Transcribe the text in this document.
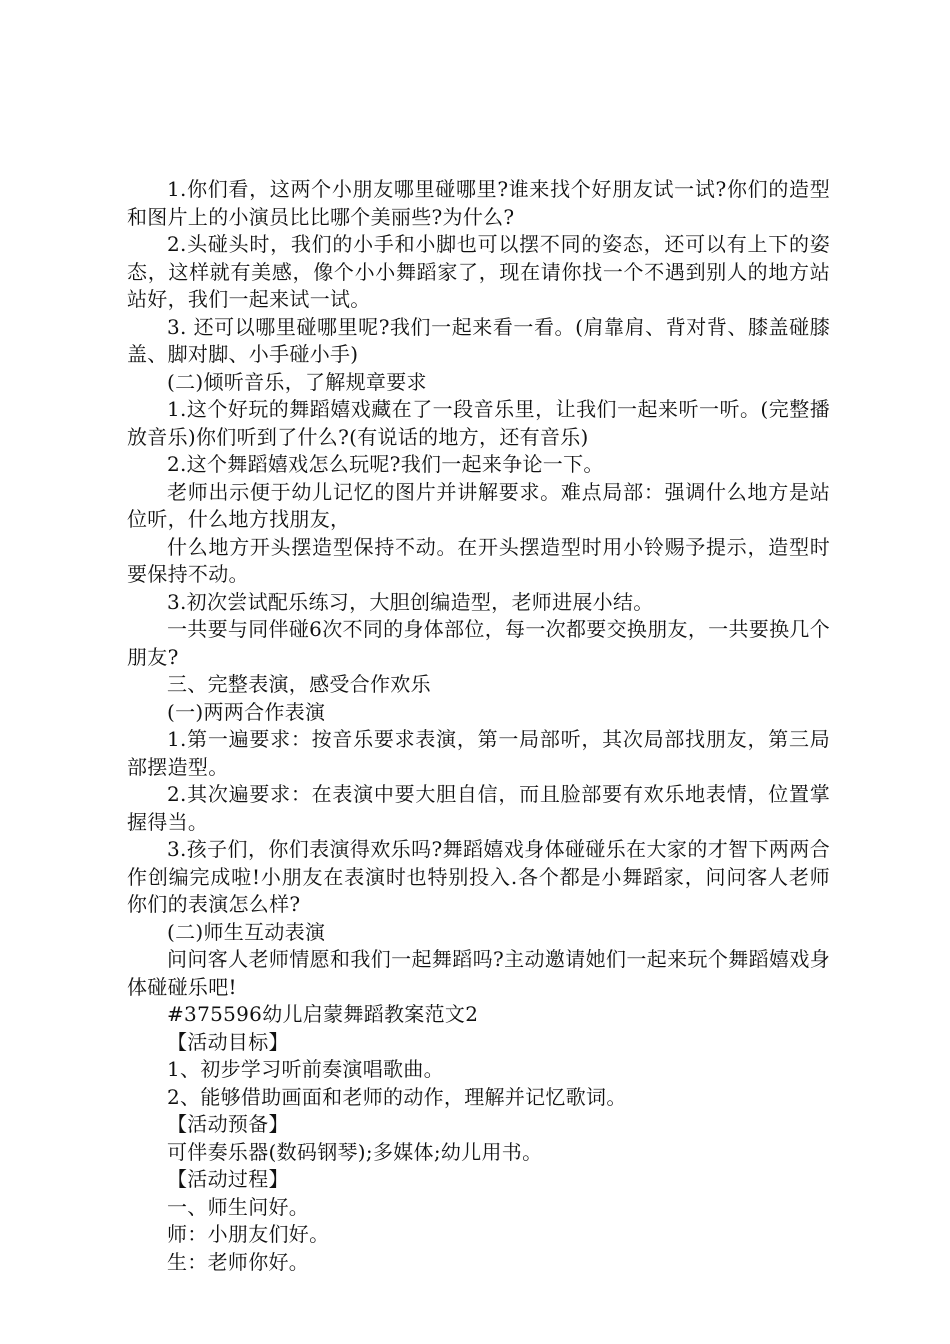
1.你们看，这两个小朋友哪里碰哪里?谁来找个好朋友试一试?你们的造型和图片上的小演员比比哪个美丽些?为什么?

2.头碰头时，我们的小手和小脚也可以摆不同的姿态，还可以有上下的姿态，这样就有美感，像个小小舞蹈家了，现在请你找一个不遇到别人的地方站站好，我们一起来试一试。

3. 还可以哪里碰哪里呢?我们一起来看一看。(肩靠肩、背对背、膝盖碰膝盖、脚对脚、小手碰小手)

(二)倾听音乐，了解规章要求

1.这个好玩的舞蹈嬉戏藏在了一段音乐里，让我们一起来听一听。(完整播放音乐)你们听到了什么?(有说话的地方，还有音乐)

2.这个舞蹈嬉戏怎么玩呢?我们一起来争论一下。

老师出示便于幼儿记忆的图片并讲解要求。难点局部：强调什么地方是站位听，什么地方找朋友，

什么地方开头摆造型保持不动。在开头摆造型时用小铃赐予提示，造型时要保持不动。

3.初次尝试配乐练习，大胆创编造型，老师进展小结。

一共要与同伴碰6次不同的身体部位，每一次都要交换朋友，一共要换几个朋友?

三、完整表演，感受合作欢乐

(一)两两合作表演

1.第一遍要求：按音乐要求表演，第一局部听，其次局部找朋友，第三局部摆造型。

2.其次遍要求：在表演中要大胆自信，而且脸部要有欢乐地表情，位置掌握得当。

3.孩子们，你们表演得欢乐吗?舞蹈嬉戏身体碰碰乐在大家的才智下两两合作创编完成啦!小朋友在表演时也特别投入.各个都是小舞蹈家，问问客人老师你们的表演怎么样?

(二)师生互动表演

问问客人老师情愿和我们一起舞蹈吗?主动邀请她们一起来玩个舞蹈嬉戏身体碰碰乐吧!

#375596幼儿启蒙舞蹈教案范文2

【活动目标】

1、初步学习听前奏演唱歌曲。

2、能够借助画面和老师的动作，理解并记忆歌词。

【活动预备】

可伴奏乐器(数码钢琴);多媒体;幼儿用书。

【活动过程】

一、师生问好。

师：小朋友们好。

生：老师你好。
